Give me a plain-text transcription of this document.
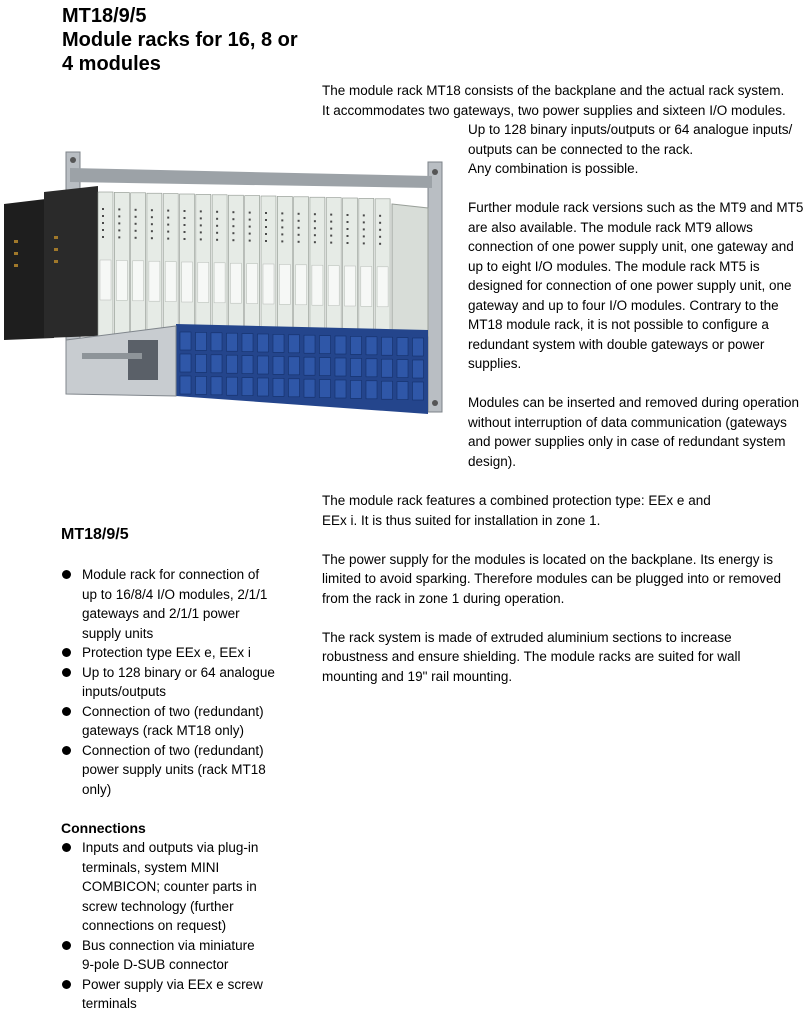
MT18/9/5
Module racks for 16, 8 or
4 modules

The module rack MT18 consists of the backplane and the actual rack system.
It accommodates two gateways, two power supplies and sixteen I/O modules.

Up to 128 binary inputs/outputs or 64 analogue inputs/
outputs can be connected to the rack.
Any combination is possible.

Further module rack versions such as the MT9 and MT5
are also available. The module rack MT9 allows
connection of one power supply unit, one gateway and
up to eight I/O modules. The module rack MT5 is
designed for connection of one power supply unit, one
gateway and up to four I/O modules. Contrary to the
MT18 module rack, it is not possible to configure a
redundant system with double gateways or power
supplies.

Modules can be inserted and removed during operation
without interruption of data communication (gateways
and power supplies only in case of redundant system
design).

The module rack features a combined protection type: EEx e and
EEx i. It is thus suited for installation in zone 1.

The power supply for the modules is located on the backplane. Its energy is
limited to avoid sparking. Therefore modules can be plugged into or removed
from the rack in zone 1 during operation.

The rack system is made of extruded aluminium sections to increase
robustness and ensure shielding. The module racks are suited for wall
mounting and 19" rail mounting.

MT18/9/5
Module rack for connection of
up to 16/8/4 I/O modules, 2/1/1
gateways and 2/1/1 power
supply units
Protection type EEx e, EEx i
Up to 128 binary or 64 analogue
inputs/outputs
Connection of two (redundant)
gateways (rack MT18 only)
Connection of two (redundant)
power supply units (rack MT18
only)
Connections
Inputs and outputs via plug-in
terminals, system MINI
COMBICON; counter parts in
screw technology (further
connections on request)
Bus connection via miniature
9-pole D-SUB connector
Power supply via EEx e screw
terminals
